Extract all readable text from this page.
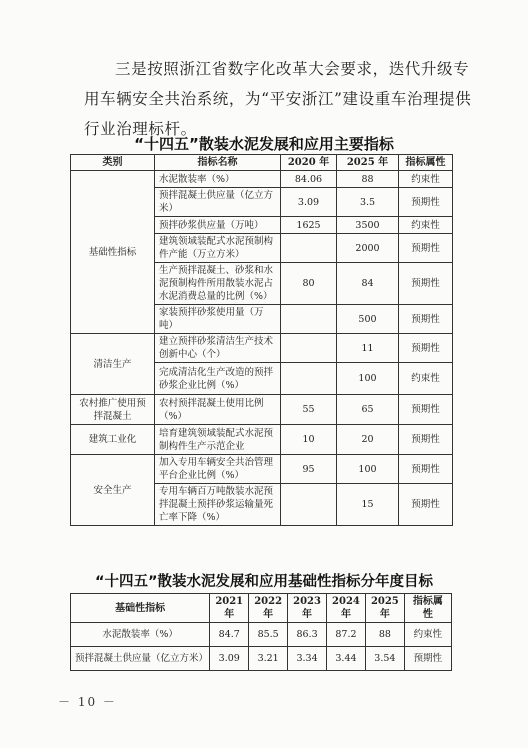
三是按照浙江省数字化改革大会要求，迭代升级专用车辆安全共治系统，为“平安浙江”建设重车治理提供行业治理标杆。

“十四五”散装水泥发展和应用主要指标
类别	指标名称	2020 年	2025 年	指标属性
基础性指标	水泥散装率（%）	84.06	88	约束性
	预拌混凝土供应量（亿立方米）	3.09	3.5	预期性
	预拌砂浆供应量（万吨）	1625	3500	约束性
	建筑领域装配式水泥预制构件产能（万立方米）		2000	预期性
	生产预拌混凝土、砂浆和水泥预制构件所用散装水泥占水泥消费总量的比例（%）	80	84	预期性
	家装预拌砂浆使用量（万吨）		500	预期性
清洁生产	建立预拌砂浆清洁生产技术创新中心（个）		11	预期性
	完成清洁化生产改造的预拌砂浆企业比例（%）		100	约束性
农村推广使用预拌混凝土	农村预拌混凝土使用比例（%）	55	65	预期性
建筑工业化	培育建筑领域装配式水泥预制构件生产示范企业	10	20	预期性
安全生产	加入专用车辆安全共治管理平台企业比例（%）	95	100	预期性
	专用车辆百万吨散装水泥预拌混凝土预拌砂浆运输量死亡率下降（%）		15	预期性
“十四五”散装水泥发展和应用基础性指标分年度目标
基础性指标	2021 年	2022 年	2023 年	2024 年	2025 年	指标属性
水泥散装率（%）	84.7	85.5	86.3	87.2	88	约束性
预拌混凝土供应量（亿立方米）	3.09	3.21	3.34	3.44	3.54	预期性
－ 10 －
